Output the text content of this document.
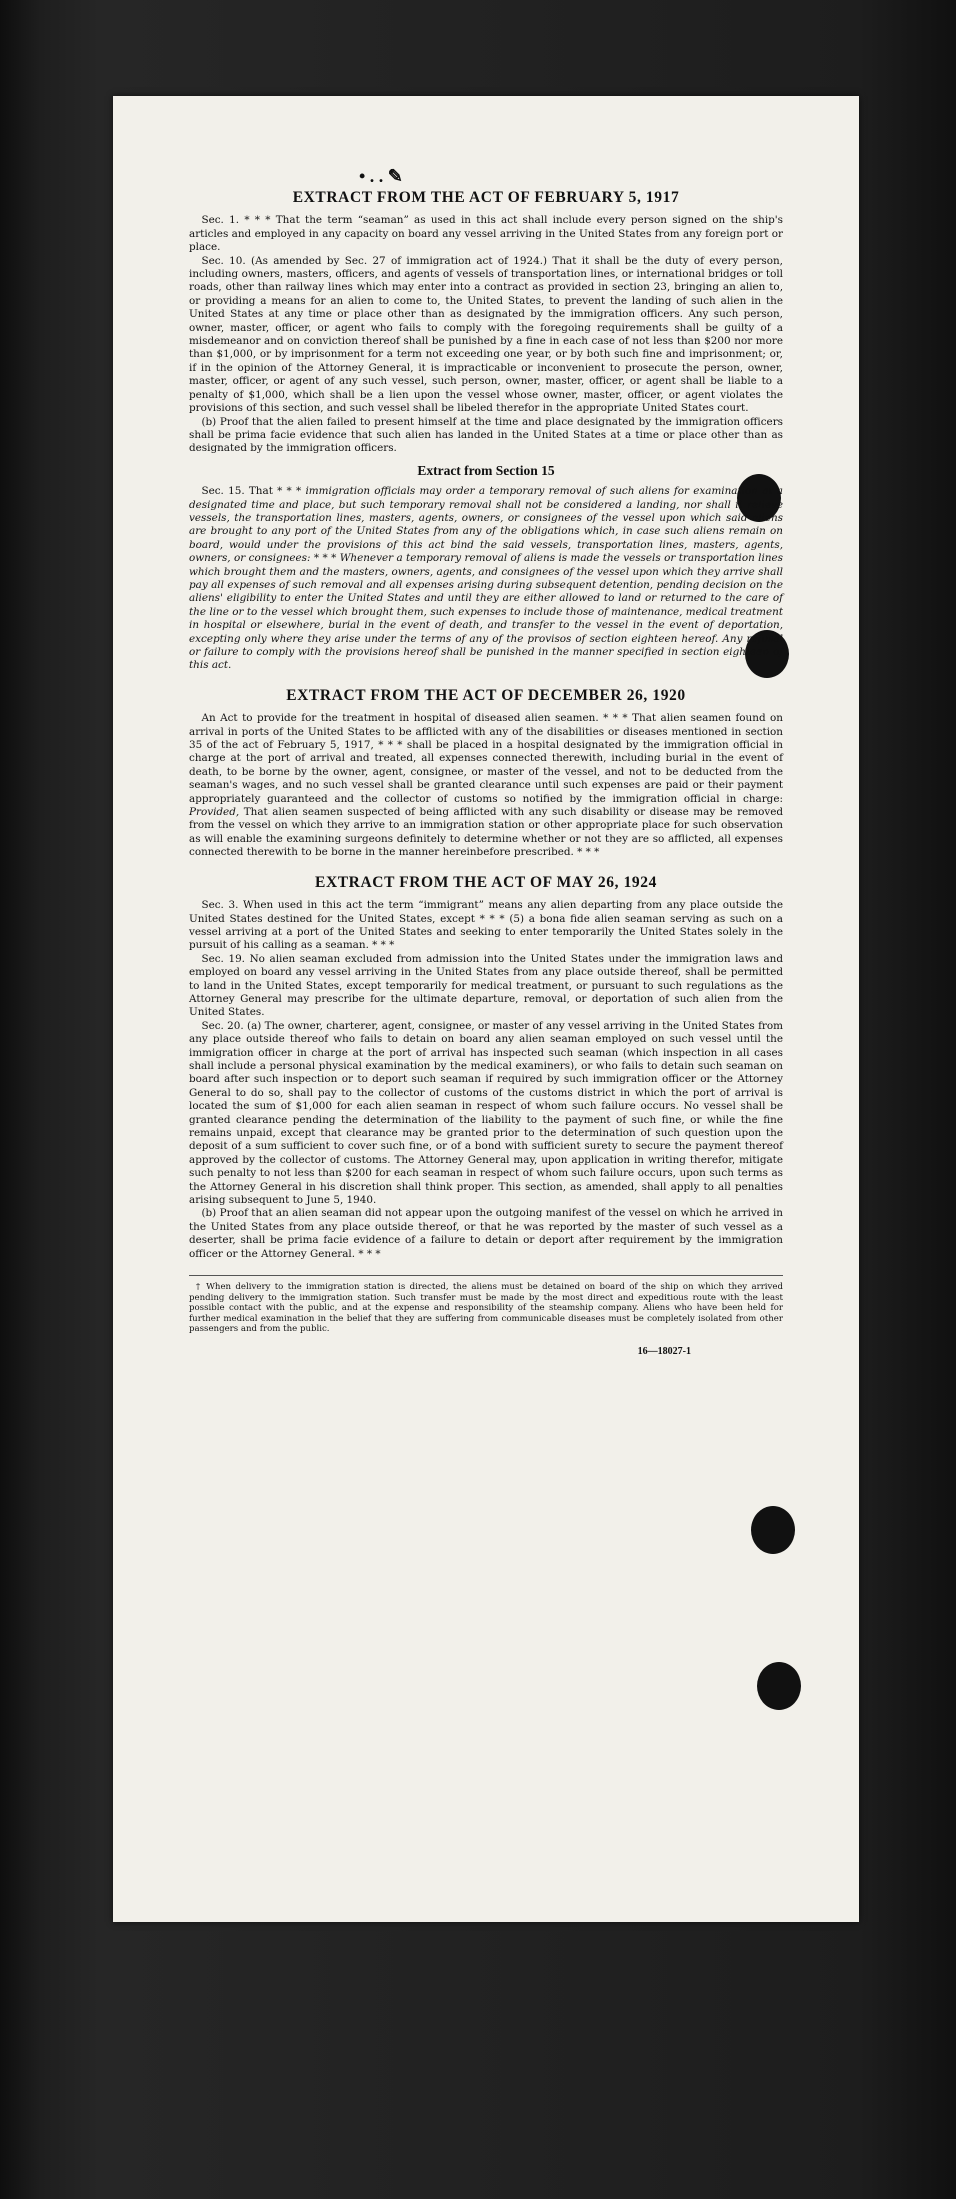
• . . ✎
EXTRACT FROM THE ACT OF FEBRUARY 5, 1917

Sec. 1. * * * That the term “seaman” as used in this act shall include every person signed on the ship's articles and employed in any capacity on board any vessel arriving in the United States from any foreign port or place.

Sec. 10. (As amended by Sec. 27 of immigration act of 1924.) That it shall be the duty of every person, including owners, masters, officers, and agents of vessels of transportation lines, or international bridges or toll roads, other than railway lines which may enter into a contract as provided in section 23, bringing an alien to, or providing a means for an alien to come to, the United States, to prevent the landing of such alien in the United States at any time or place other than as designated by the immigration officers. Any such person, owner, master, officer, or agent who fails to comply with the foregoing requirements shall be guilty of a misdemeanor and on conviction thereof shall be punished by a fine in each case of not less than $200 nor more than $1,000, or by imprisonment for a term not exceeding one year, or by both such fine and imprisonment; or, if in the opinion of the Attorney General, it is impracticable or inconvenient to prosecute the person, owner, master, officer, or agent of any such vessel, such person, owner, master, officer, or agent shall be liable to a penalty of $1,000, which shall be a lien upon the vessel whose owner, master, officer, or agent violates the provisions of this section, and such vessel shall be libeled therefor in the appropriate United States court.

(b) Proof that the alien failed to present himself at the time and place designated by the immigration officers shall be prima facie evidence that such alien has landed in the United States at a time or place other than as designated by the immigration officers.

Extract from Section 15

Sec. 15. That * * * immigration officials may order a temporary removal of such aliens for examination at a designated time and place, but such temporary removal shall not be considered a landing, nor shall it relieve vessels, the transportation lines, masters, agents, owners, or consignees of the vessel upon which said aliens are brought to any port of the United States from any of the obligations which, in case such aliens remain on board, would under the provisions of this act bind the said vessels, transportation lines, masters, agents, owners, or consignees: * * * Whenever a temporary removal of aliens is made the vessels or transportation lines which brought them and the masters, owners, agents, and consignees of the vessel upon which they arrive shall pay all expenses of such removal and all expenses arising during subsequent detention, pending decision on the aliens' eligibility to enter the United States and until they are either allowed to land or returned to the care of the line or to the vessel which brought them, such expenses to include those of maintenance, medical treatment in hospital or elsewhere, burial in the event of death, and transfer to the vessel in the event of deportation, excepting only where they arise under the terms of any of the provisos of section eighteen hereof. Any refusal or failure to comply with the provisions hereof shall be punished in the manner specified in section eighteen of this act.

EXTRACT FROM THE ACT OF DECEMBER 26, 1920

An Act to provide for the treatment in hospital of diseased alien seamen. * * * That alien seamen found on arrival in ports of the United States to be afflicted with any of the disabilities or diseases mentioned in section 35 of the act of February 5, 1917, * * * shall be placed in a hospital designated by the immigration official in charge at the port of arrival and treated, all expenses connected therewith, including burial in the event of death, to be borne by the owner, agent, consignee, or master of the vessel, and not to be deducted from the seaman's wages, and no such vessel shall be granted clearance until such expenses are paid or their payment appropriately guaranteed and the collector of customs so notified by the immigration official in charge: Provided, That alien seamen suspected of being afflicted with any such disability or disease may be removed from the vessel on which they arrive to an immigration station or other appropriate place for such observation as will enable the examining surgeons definitely to determine whether or not they are so afflicted, all expenses connected therewith to be borne in the manner hereinbefore prescribed. * * *

EXTRACT FROM THE ACT OF MAY 26, 1924

Sec. 3. When used in this act the term “immigrant” means any alien departing from any place outside the United States destined for the United States, except * * * (5) a bona fide alien seaman serving as such on a vessel arriving at a port of the United States and seeking to enter temporarily the United States solely in the pursuit of his calling as a seaman. * * *

Sec. 19. No alien seaman excluded from admission into the United States under the immigration laws and employed on board any vessel arriving in the United States from any place outside thereof, shall be permitted to land in the United States, except temporarily for medical treatment, or pursuant to such regulations as the Attorney General may prescribe for the ultimate departure, removal, or deportation of such alien from the United States.

Sec. 20. (a) The owner, charterer, agent, consignee, or master of any vessel arriving in the United States from any place outside thereof who fails to detain on board any alien seaman employed on such vessel until the immigration officer in charge at the port of arrival has inspected such seaman (which inspection in all cases shall include a personal physical examination by the medical examiners), or who fails to detain such seaman on board after such inspection or to deport such seaman if required by such immigration officer or the Attorney General to do so, shall pay to the collector of customs of the customs district in which the port of arrival is located the sum of $1,000 for each alien seaman in respect of whom such failure occurs. No vessel shall be granted clearance pending the determination of the liability to the payment of such fine, or while the fine remains unpaid, except that clearance may be granted prior to the determination of such question upon the deposit of a sum sufficient to cover such fine, or of a bond with sufficient surety to secure the payment thereof approved by the collector of customs. The Attorney General may, upon application in writing therefor, mitigate such penalty to not less than $200 for each seaman in respect of whom such failure occurs, upon such terms as the Attorney General in his discretion shall think proper. This section, as amended, shall apply to all penalties arising subsequent to June 5, 1940.

(b) Proof that an alien seaman did not appear upon the outgoing manifest of the vessel on which he arrived in the United States from any place outside thereof, or that he was reported by the master of such vessel as a deserter, shall be prima facie evidence of a failure to detain or deport after requirement by the immigration officer or the Attorney General. * * *

† When delivery to the immigration station is directed, the aliens must be detained on board of the ship on which they arrived pending delivery to the immigration station. Such transfer must be made by the most direct and expeditious route with the least possible contact with the public, and at the expense and responsibility of the steamship company. Aliens who have been held for further medical examination in the belief that they are suffering from communicable diseases must be completely isolated from other passengers and from the public.

16—18027-1
